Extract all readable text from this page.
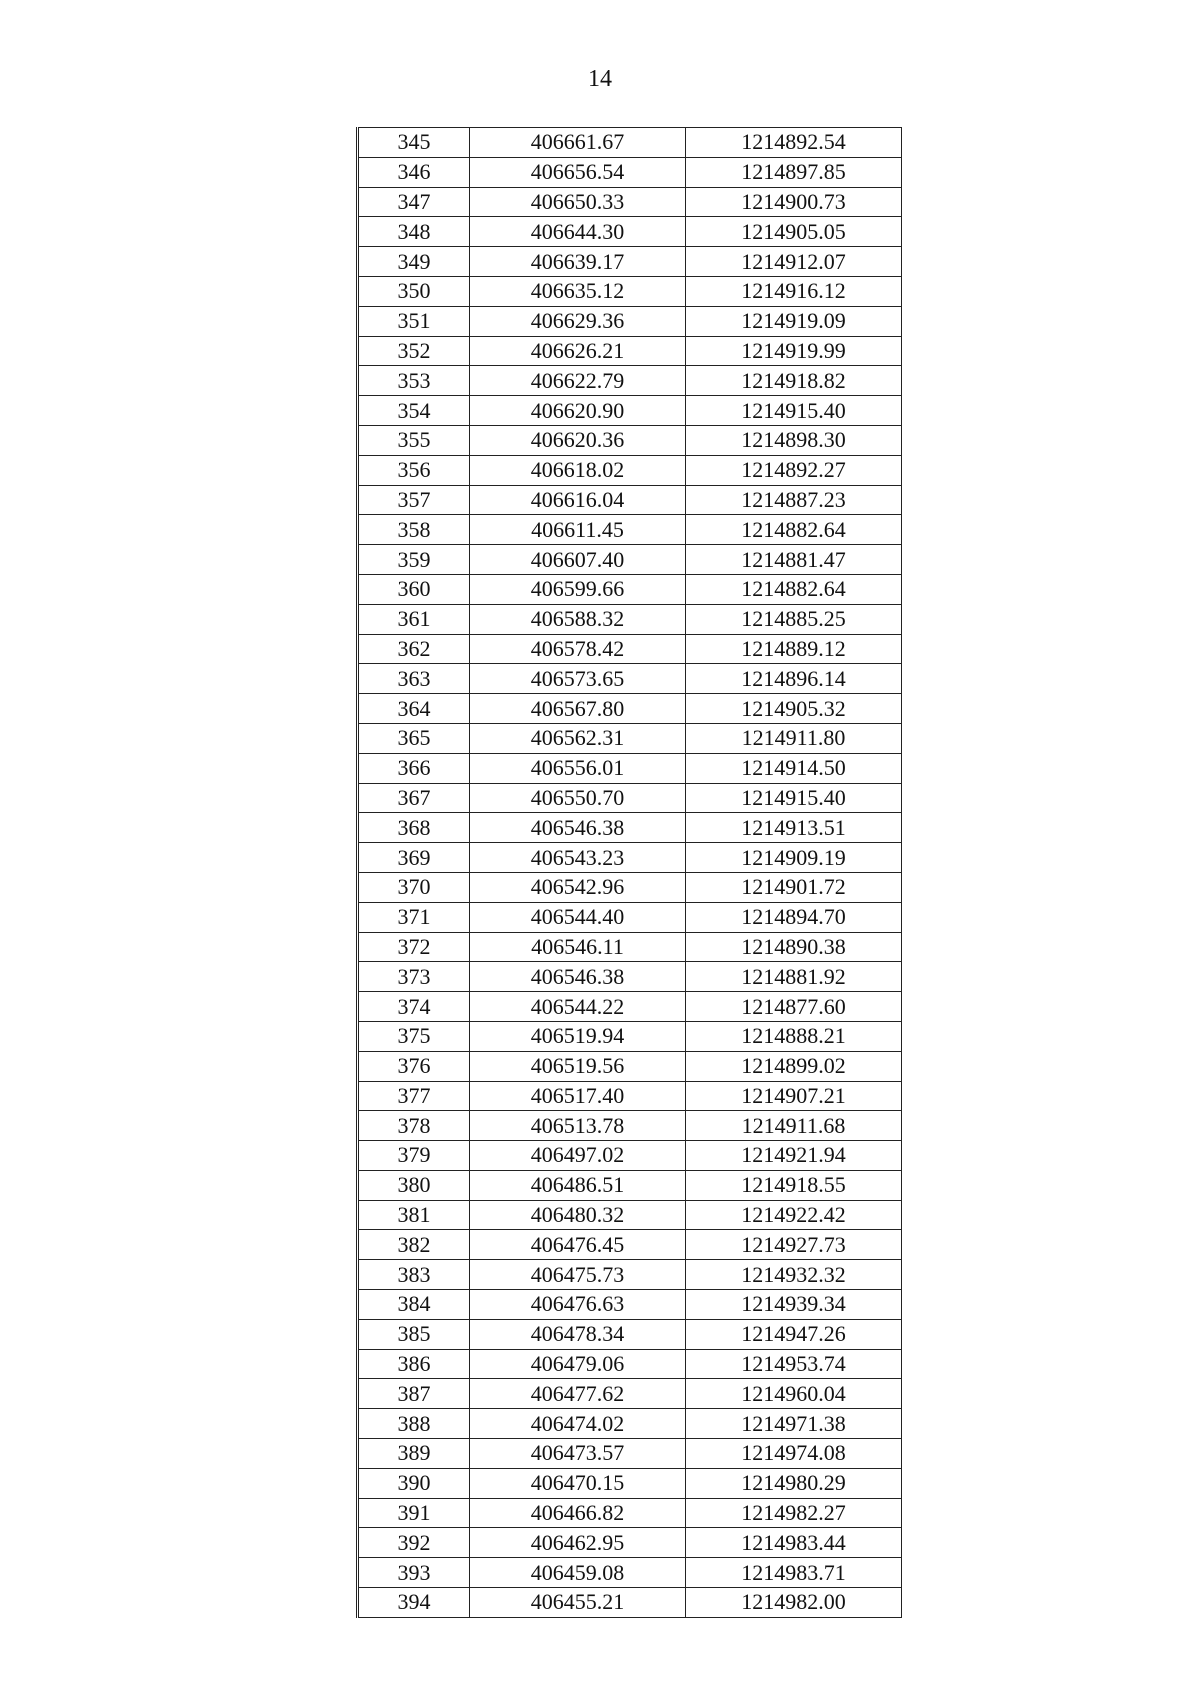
14
345	406661.67	1214892.54
346	406656.54	1214897.85
347	406650.33	1214900.73
348	406644.30	1214905.05
349	406639.17	1214912.07
350	406635.12	1214916.12
351	406629.36	1214919.09
352	406626.21	1214919.99
353	406622.79	1214918.82
354	406620.90	1214915.40
355	406620.36	1214898.30
356	406618.02	1214892.27
357	406616.04	1214887.23
358	406611.45	1214882.64
359	406607.40	1214881.47
360	406599.66	1214882.64
361	406588.32	1214885.25
362	406578.42	1214889.12
363	406573.65	1214896.14
364	406567.80	1214905.32
365	406562.31	1214911.80
366	406556.01	1214914.50
367	406550.70	1214915.40
368	406546.38	1214913.51
369	406543.23	1214909.19
370	406542.96	1214901.72
371	406544.40	1214894.70
372	406546.11	1214890.38
373	406546.38	1214881.92
374	406544.22	1214877.60
375	406519.94	1214888.21
376	406519.56	1214899.02
377	406517.40	1214907.21
378	406513.78	1214911.68
379	406497.02	1214921.94
380	406486.51	1214918.55
381	406480.32	1214922.42
382	406476.45	1214927.73
383	406475.73	1214932.32
384	406476.63	1214939.34
385	406478.34	1214947.26
386	406479.06	1214953.74
387	406477.62	1214960.04
388	406474.02	1214971.38
389	406473.57	1214974.08
390	406470.15	1214980.29
391	406466.82	1214982.27
392	406462.95	1214983.44
393	406459.08	1214983.71
394	406455.21	1214982.00
